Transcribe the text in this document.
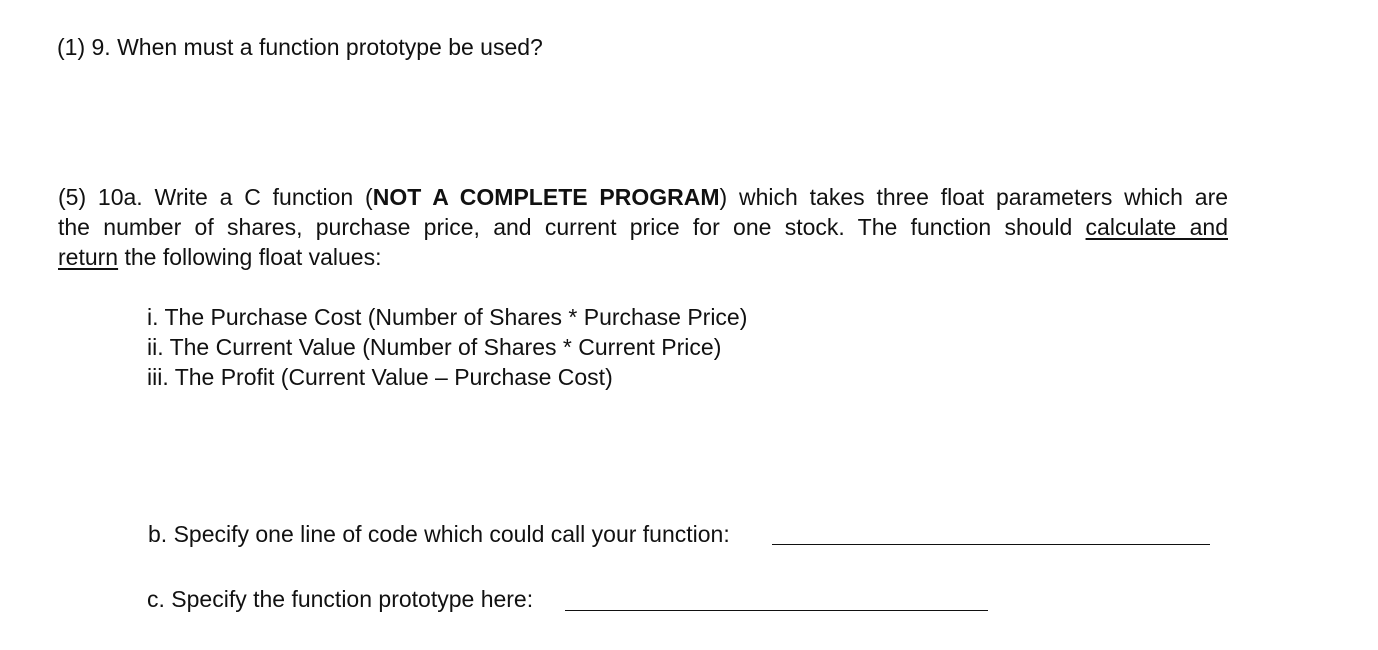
(1) 9. When must a function prototype be used?
(5) 10a. Write a C function (NOT A COMPLETE PROGRAM) which takes three float parameters which are
the number of shares, purchase price, and current price for one stock. The function should calculate and
return the following float values:
i. The Purchase Cost (Number of Shares * Purchase Price)
ii. The Current Value (Number of Shares * Current Price)
iii. The Profit (Current Value – Purchase Cost)
b. Specify one line of code which could call your function:
c. Specify the function prototype here:
